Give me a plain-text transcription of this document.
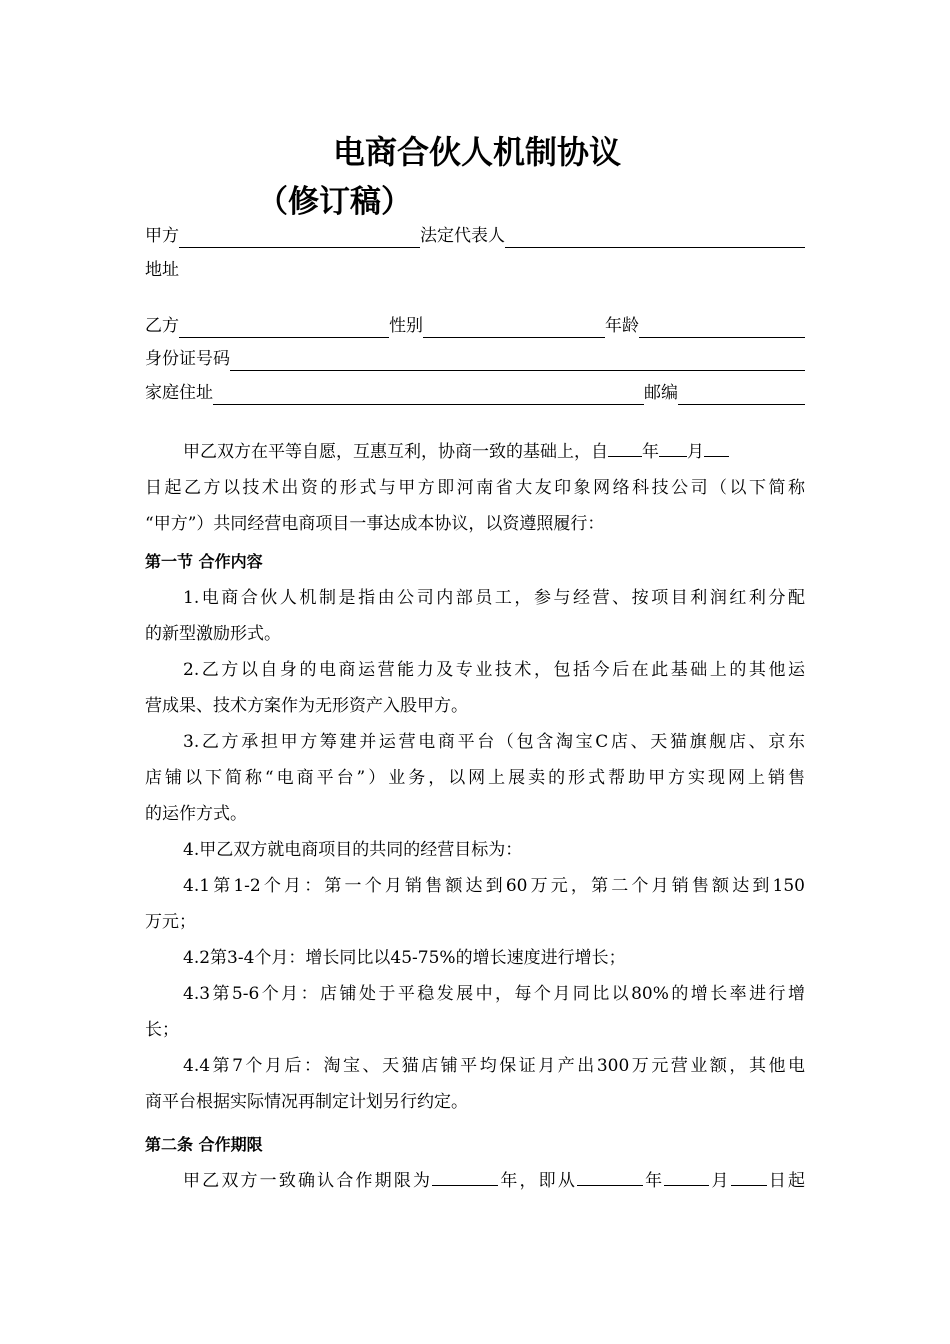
电商合伙人机制协议
（修订稿）
甲方	法定代表人
地址
乙方	性别	年龄
身份证号码
家庭住址	邮编
甲乙双方在平等自愿，互惠互利，协商一致的基础上，自 年 月
日起乙方以技术出资的形式与甲方即河南省大友印象网络科技公司（以下简称
“甲方”）共同经营电商项目一事达成本协议，以资遵照履行：
第一节 合作内容
1.电商合伙人机制是指由公司内部员工，参与经营、按项目利润红利分配
的新型激励形式。
2.乙方以自身的电商运营能力及专业技术，包括今后在此基础上的其他运
营成果、技术方案作为无形资产入股甲方。
3.乙方承担甲方筹建并运营电商平台（包含淘宝C店、天猫旗舰店、京东
店铺以下简称“电商平台”）业务，以网上展卖的形式帮助甲方实现网上销售
的运作方式。
4.甲乙双方就电商项目的共同的经营目标为：
4.1第1-2个月：第一个月销售额达到60万元，第二个月销售额达到150
万元；
4.2第3-4个月：增长同比以45-75%的增长速度进行增长；
4.3第5-6个月：店铺处于平稳发展中，每个月同比以80%的增长率进行增
长；
4.4第7个月后：淘宝、天猫店铺平均保证月产出300万元营业额，其他电
商平台根据实际情况再制定计划另行约定。
第二条 合作期限
甲乙双方一致确认合作期限为	年，即从	年	月 日起
